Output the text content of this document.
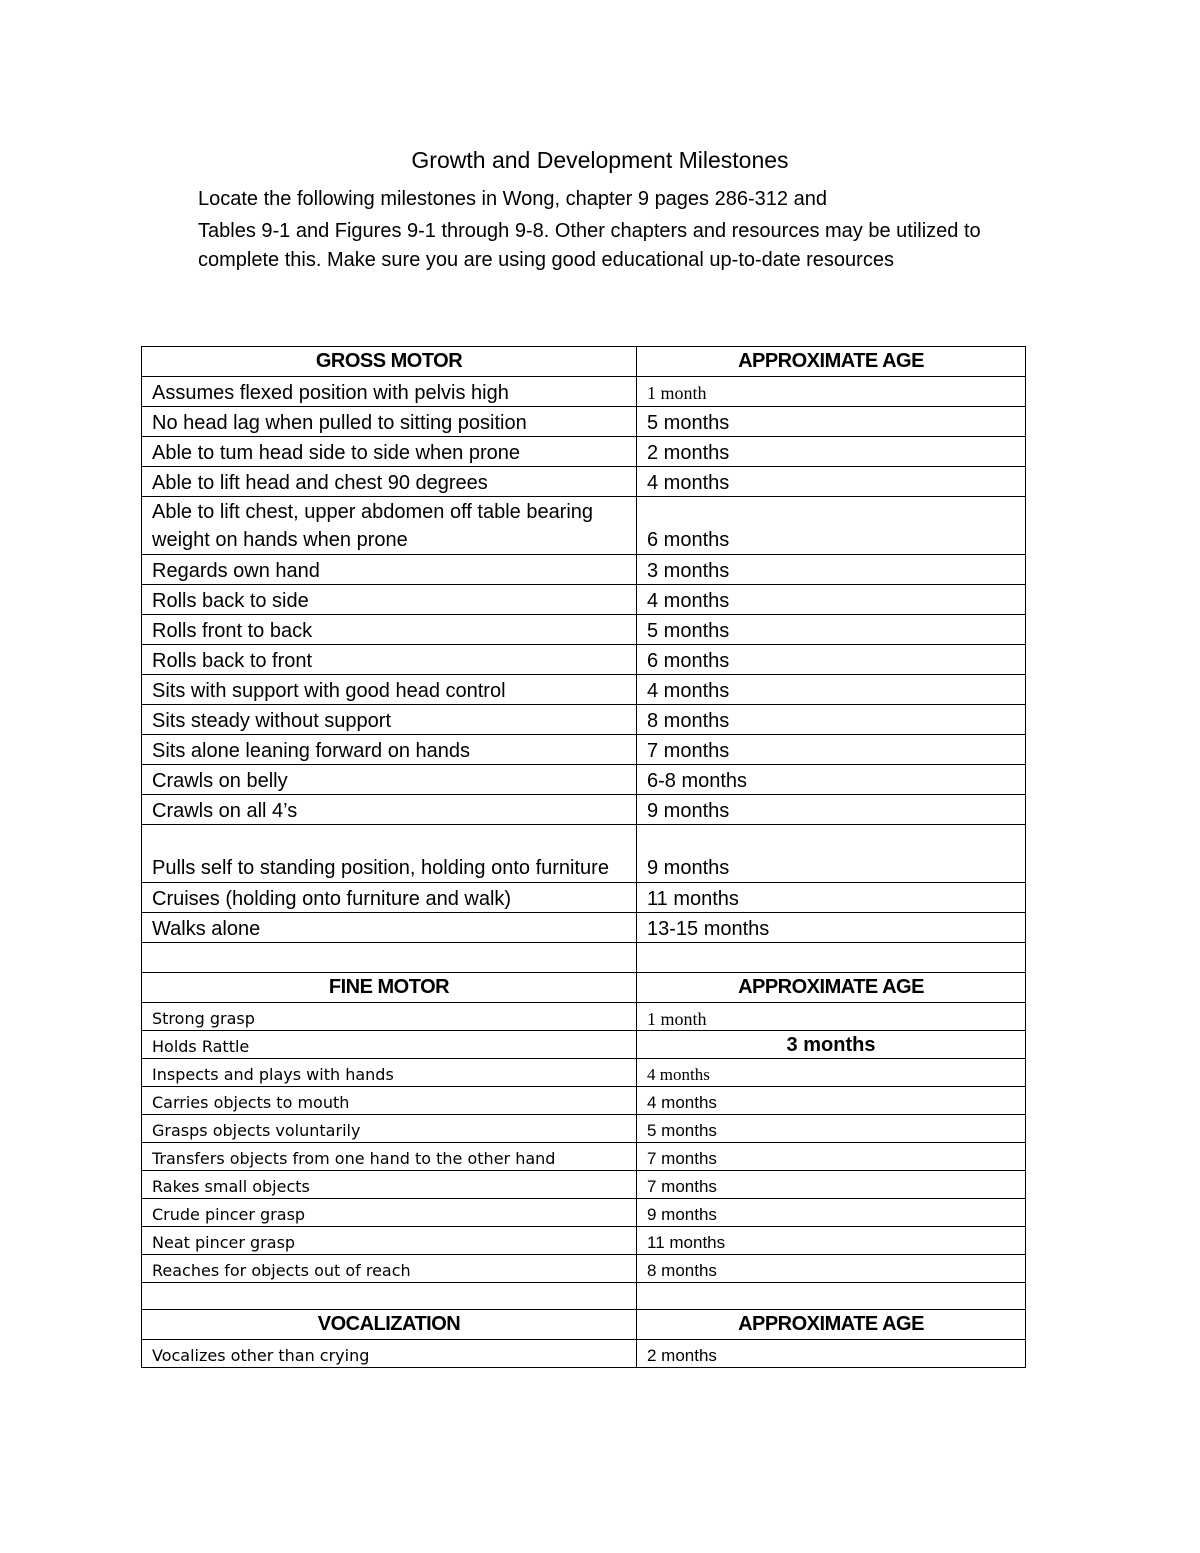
Growth and Development Milestones
Locate the following milestones in Wong, chapter 9 pages 286-312 and
Tables 9-1 and Figures 9-1 through 9-8. Other chapters and resources may be utilized to complete this. Make sure you are using good educational up-to-date resources
GROSS MOTOR	APPROXIMATE AGE
Assumes flexed position with pelvis high	1 month
No head lag when pulled to sitting position	5 months
Able to tum head side to side when prone	2 months
Able to lift head and chest 90 degrees	4 months
Able to lift chest, upper abdomen off table bearing weight on hands when prone	6 months
Regards own hand	3 months
Rolls back to side	4 months
Rolls front to back	5 months
Rolls back to front	6 months
Sits with support with good head control	4 months
Sits steady without support	8 months
Sits alone leaning forward on hands	7 months
Crawls on belly	6-8 months
Crawls on all 4’s	9 months
Pulls self to standing position, holding onto furniture	9 months
Cruises (holding onto furniture and walk)	11 months
Walks alone	13-15 months

FINE MOTOR	APPROXIMATE AGE
Strong grasp	1 month
Holds Rattle	3 months

Inspects and plays with hands	4 months
Carries objects to mouth	4 months
Grasps objects voluntarily	5 months
Transfers objects from one hand to the other hand	7 months
Rakes small objects	7 months
Crude pincer grasp	9 months
Neat pincer grasp	11 months
Reaches for objects out of reach	8 months

VOCALIZATION	APPROXIMATE AGE
Vocalizes other than crying	2 months
